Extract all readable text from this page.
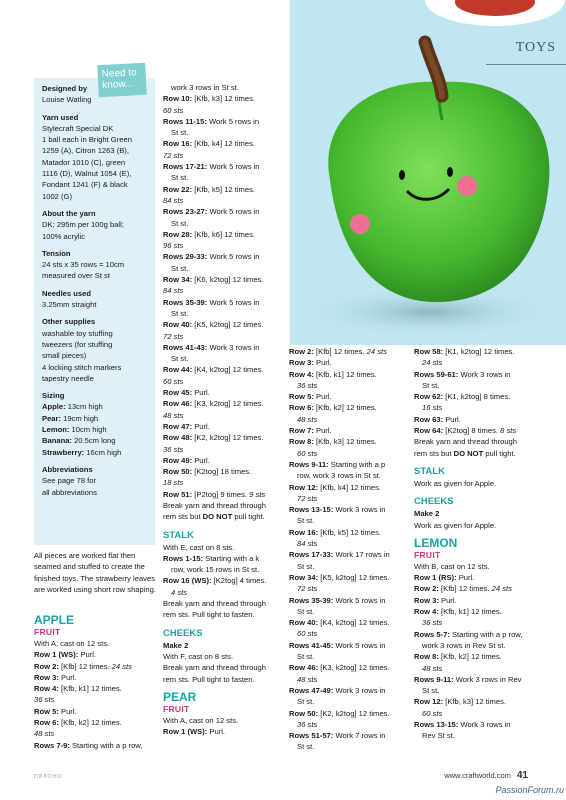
TOYS
Need to know...
Designed by
Louise Watling
Yarn used
Stylecraft Special DK
1 ball each in Bright Green
1259 (A), Citron 1263 (B),
Matador 1010 (C), green
1116 (D), Walnut 1054 (E),
Fondant 1241 (F) & black
1002 (G)
About the yarn
DK; 295m per 100g ball;
100% acrylic
Tension
24 sts x 35 rows = 10cm
measured over St st
Needles used
3.25mm straight
Other supplies
washable toy stuffing
tweezers (for stuffing
small pieces)
4 locking stitch markers
tapestry needle
Sizing
Apple: 13cm high
Pear: 19cm high
Lemon: 10cm high
Banana: 20.5cm long
Strawberry: 16cm high
Abbreviations
See page 78 for
all abbreviations
All pieces are worked flat then seamed and stuffed to create the finished toys. The strawberry leaves are worked using short row shaping.
APPLE
FRUIT

With A, cast on 12 sts.

Row 1 (WS): Purl.

Row 2: [Kfb] 12 times. 24 sts

Row 3: Purl.

Row 4: [Kfb, k1] 12 times.

36 sts

Row 5: Purl.

Row 6: [Kfb, k2] 12 times.

48 sts

Rows 7-9: Starting with a p row,

work 3 rows in St st.

Row 10: [Kfb, k3] 12 times.

60 sts

Rows 11-15: Work 5 rows in

St st.

Row 16: [Kfb, k4] 12 times.

72 sts

Rows 17-21: Work 5 rows in

St st.

Row 22: [Kfb, k5] 12 times.

84 sts

Rows 23-27: Work 5 rows in

St st.

Row 28: [Kfb, k6] 12 times.

96 sts

Rows 29-33: Work 5 rows in

St st.

Row 34: [K6, k2tog] 12 times.

84 sts

Rows 35-39: Work 5 rows in

St st.

Row 40: [K5, k2tog] 12 times.

72 sts

Rows 41-43: Work 3 rows in

St st.

Row 44: [K4, k2tog] 12 times.

60 sts

Row 45: Purl.

Row 46: [K3, k2tog] 12 times.

48 sts

Row 47: Purl.

Row 48: [K2, k2tog] 12 times.

36 sts

Row 49: Purl.

Row 50: [K2tog] 18 times.

18 sts

Row 51: [P2tog] 9 times. 9 sts

Break yarn and thread through

rem sts but DO NOT pull tight.

STALK

With E, cast on 8 sts.

Rows 1-15: Starting with a k

row, work 15 rows in St st.

Row 16 (WS): [K2tog] 4 times.

4 sts

Break yarn and thread through

rem sts. Pull tight to fasten.

CHEEKS
Make 2

With F, cast on 8 sts.

Break yarn and thread through

rem sts. Pull tight to fasten.

PEAR
FRUIT

With A, cast on 12 sts.

Row 1 (WS): Purl.

Row 2: [Kfb] 12 times. 24 sts

Row 3: Purl.

Row 4: [Kfb, k1] 12 times.

36 sts

Row 5: Purl.

Row 6: [Kfb, k2] 12 times.

48 sts

Row 7: Purl.

Row 8: [Kfb, k3] 12 times.

60 sts

Rows 9-11: Starting with a p

row, work 3 rows in St st.

Row 12: [Kfb, k4] 12 times.

72 sts

Rows 13-15: Work 3 rows in

St st.

Row 16: [Kfb, k5] 12 times.

84 sts

Rows 17-33: Work 17 rows in

St st.

Row 34: [K5, k2tog] 12 times.

72 sts

Rows 35-39: Work 5 rows in

St st.

Row 40: [K4, k2tog] 12 times.

60 sts

Rows 41-45: Work 5 rows in

St st.

Row 46: [K3, k2tog] 12 times.

48 sts

Rows 47-49: Work 3 rows in

St st.

Row 50: [K2, k2tog] 12 times.

36 sts

Rows 51-57: Work 7 rows in

St st.

Row 58: [K1, k2tog] 12 times.

24 sts

Rows 59-61: Work 3 rows in

St st.

Row 62: [K1, k2tog] 8 times.

16 sts

Row 63: Purl.

Row 64: [K2tog] 8 times. 8 sts

Break yarn and thread through

rem sts but DO NOT pull tight.

STALK
Work as given for Apple.
CHEEKS
Make 2
Work as given for Apple.
LEMON
FRUIT

With B, cast on 12 sts.

Row 1 (RS): Purl.

Row 2: [Kfb] 12 times. 24 sts

Row 3: Purl.

Row 4: [Kfb, k1] 12 times.

36 sts

Rows 5-7: Starting with a p row,

work 3 rows in Rev St st.

Row 8: [Kfb, k2] 12 times.

48 sts

Rows 9-11: Work 3 rows in Rev

St st.

Row 12: [Kfb, k3] 12 times.

60 sts

Rows 13-15: Work 3 rows in

Rev St st.

ПИЛОНО	www.craftworld.com 41
PassionForum.ru
